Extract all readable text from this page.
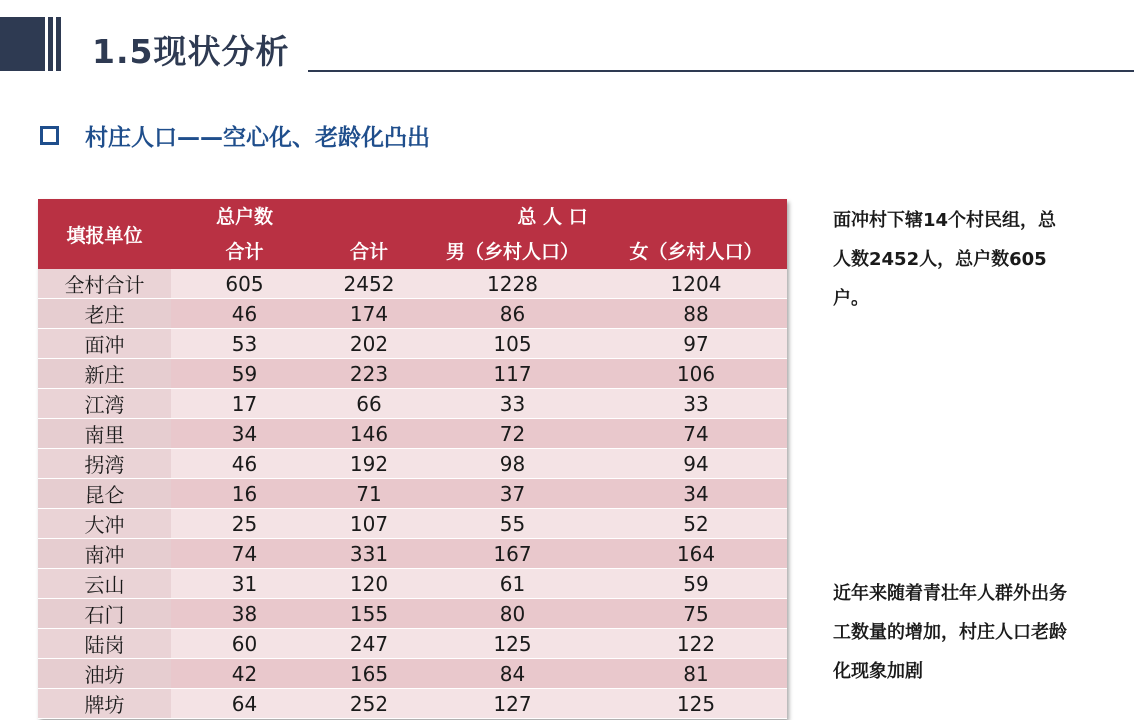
1.5现状分析
村庄人口——空心化、老龄化凸出
填报单位	总户数	总 人 口		
	合计	合计	男（乡村人口）	女（乡村人口）
全村合计	605	2452	1228	1204
老庄	46	174	86	88
面冲	53	202	105	97
新庄	59	223	117	106
江湾	17	66	33	33
南里	34	146	72	74
拐湾	46	192	98	94
昆仑	16	71	37	34
大冲	25	107	55	52
南冲	74	331	167	164
云山	31	120	61	59
石门	38	155	80	75
陆岗	60	247	125	122
油坊	42	165	84	81
牌坊	64	252	127	125
面冲村下辖14个村民组，总人数2452人，总户数605户。
近年来随着青壮年人群外出务工数量的增加，村庄人口老龄化现象加剧
